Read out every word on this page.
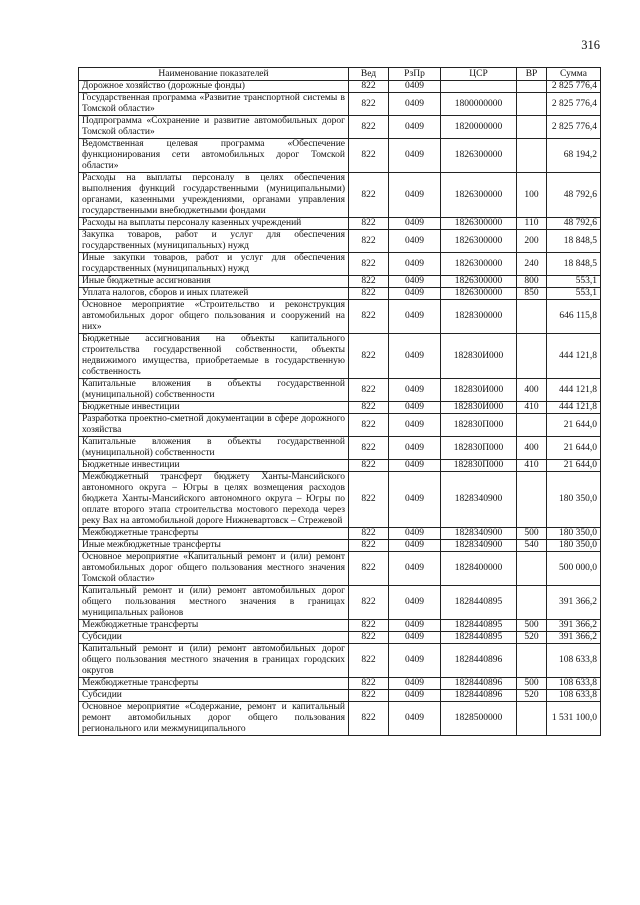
316
Наименование показателей	Вед	РзПр	ЦСР	ВР	Сумма
Дорожное хозяйство (дорожные фонды)	822	0409			2 825 776,4
Государственная программа «Развитие транспортной системы в Томской области»	822	0409	1800000000		2 825 776,4
Подпрограмма «Сохранение и развитие автомобильных дорог Томской области»	822	0409	1820000000		2 825 776,4
Ведомственная целевая программа «Обеспечение функционирования сети автомобильных дорог Томской области»	822	0409	1826300000		68 194,2
Расходы на выплаты персоналу в целях обеспечения выполнения функций государственными (муниципальными) органами, казенными учреждениями, органами управления государственными внебюджетными фондами	822	0409	1826300000	100	48 792,6
Расходы на выплаты персоналу казенных учреждений	822	0409	1826300000	110	48 792,6
Закупка товаров, работ и услуг для обеспечения государственных (муниципальных) нужд	822	0409	1826300000	200	18 848,5
Иные закупки товаров, работ и услуг для обеспечения государственных (муниципальных) нужд	822	0409	1826300000	240	18 848,5
Иные бюджетные ассигнования	822	0409	1826300000	800	553,1
Уплата налогов, сборов и иных платежей	822	0409	1826300000	850	553,1
Основное мероприятие «Строительство и реконструкция автомобильных дорог общего пользования и сооружений на них»	822	0409	1828300000		646 115,8
Бюджетные ассигнования на объекты капитального строительства государственной собственности, объекты недвижимого имущества, приобретаемые в государственную собственность	822	0409	182830И000		444 121,8
Капитальные вложения в объекты государственной (муниципальной) собственности	822	0409	182830И000	400	444 121,8
Бюджетные инвестиции	822	0409	182830И000	410	444 121,8
Разработка проектно-сметной документации в сфере дорожного хозяйства	822	0409	182830П000		21 644,0
Капитальные вложения в объекты государственной (муниципальной) собственности	822	0409	182830П000	400	21 644,0
Бюджетные инвестиции	822	0409	182830П000	410	21 644,0
Межбюджетный трансферт бюджету Ханты-Мансийского автономного округа – Югры в целях возмещения расходов бюджета Ханты-Мансийского автономного округа – Югры по оплате второго этапа строительства мостового перехода через реку Вах на автомобильной дороге Нижневартовск – Стрежевой	822	0409	1828340900		180 350,0
Межбюджетные трансферты	822	0409	1828340900	500	180 350,0
Иные межбюджетные трансферты	822	0409	1828340900	540	180 350,0
Основное мероприятие «Капитальный ремонт и (или) ремонт автомобильных дорог общего пользования местного значения Томской области»	822	0409	1828400000		500 000,0
Капитальный ремонт и (или) ремонт автомобильных дорог общего пользования местного значения в границах муниципальных районов	822	0409	1828440895		391 366,2
Межбюджетные трансферты	822	0409	1828440895	500	391 366,2
Субсидии	822	0409	1828440895	520	391 366,2
Капитальный ремонт и (или) ремонт автомобильных дорог общего пользования местного значения в границах городских округов	822	0409	1828440896		108 633,8
Межбюджетные трансферты	822	0409	1828440896	500	108 633,8
Субсидии	822	0409	1828440896	520	108 633,8
Основное мероприятие «Содержание, ремонт и капитальный ремонт автомобильных дорог общего пользования регионального или межмуниципального	822	0409	1828500000		1 531 100,0
